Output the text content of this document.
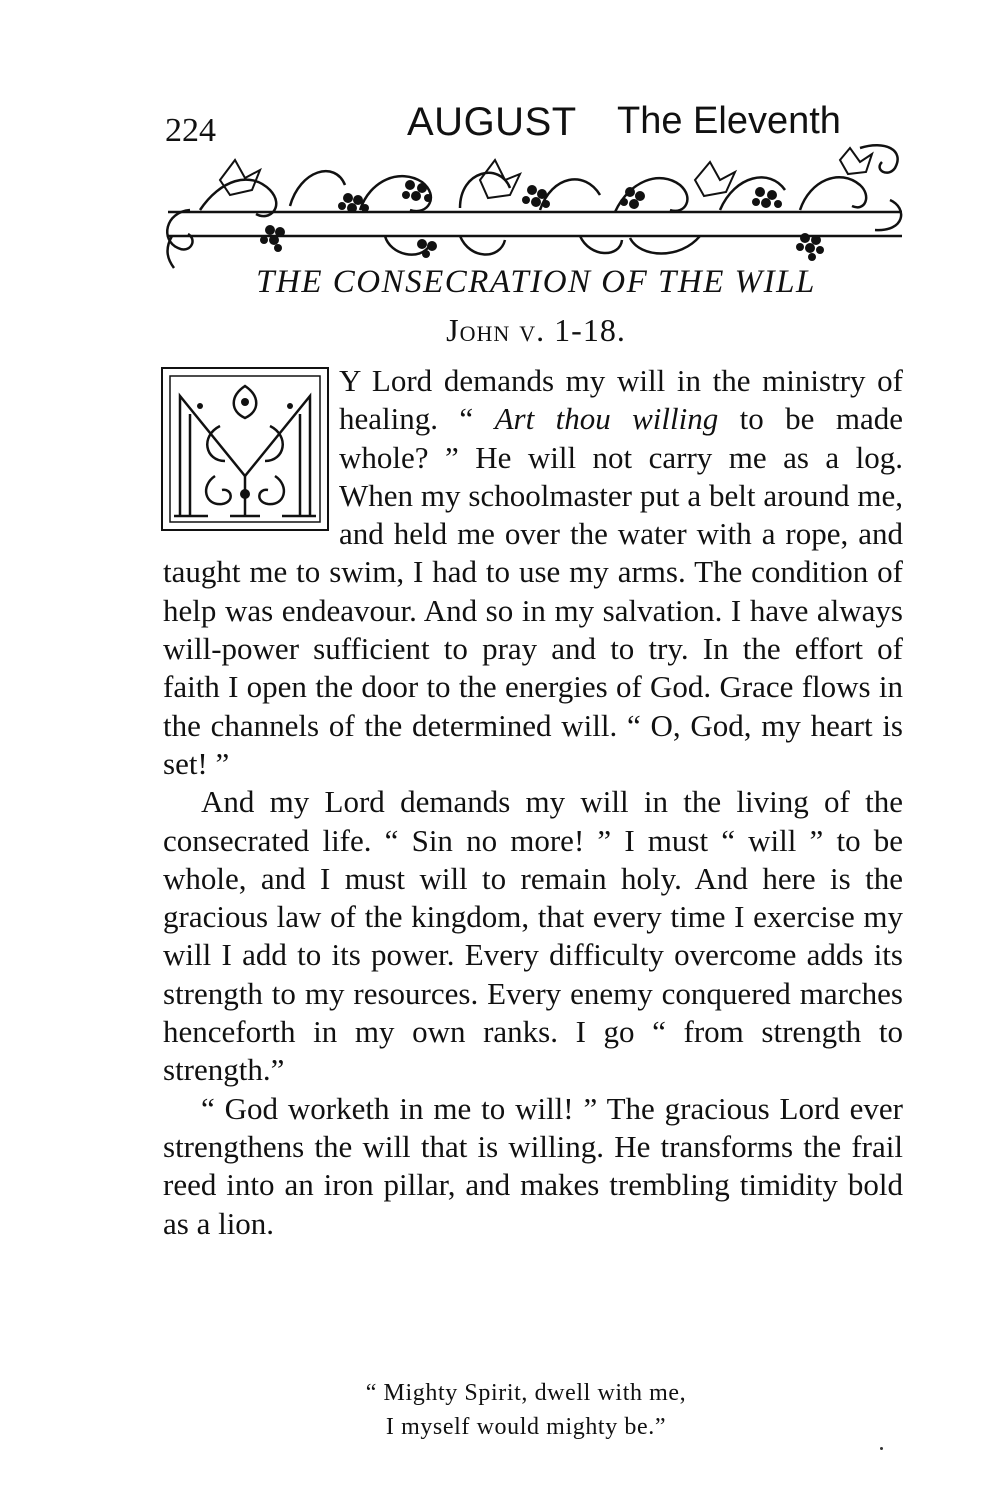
224	AUGUST The Eleventh
THE CONSECRATION OF THE WILL
John v. 1-18.

Y Lord demands my will in the ministry of healing. “ Art thou willing to be made whole? ” He will not carry me as a log. When my schoolmaster put a belt around me, and held me over the water with a rope, and taught me to swim, I had to use my arms. The condition of help was endeavour. And so in my salvation. I have always will-power sufficient to pray and to try. In the effort of faith I open the door to the energies of God. Grace flows in the channels of the determined will. “ O, God, my heart is set! ”

And my Lord demands my will in the living of the consecrated life. “ Sin no more! ” I must “ will ” to be whole, and I must will to remain holy. And here is the gracious law of the kingdom, that every time I exercise my will I add to its power. Every difficulty overcome adds its strength to my resources. Every enemy conquered marches henceforth in my own ranks. I go “ from strength to strength.”

“ God worketh in me to will! ” The gracious Lord ever strengthens the will that is willing. He transforms the frail reed into an iron pillar, and makes trembling timidity bold as a lion.

“ Mighty Spirit, dwell with me,
I myself would mighty be.”
